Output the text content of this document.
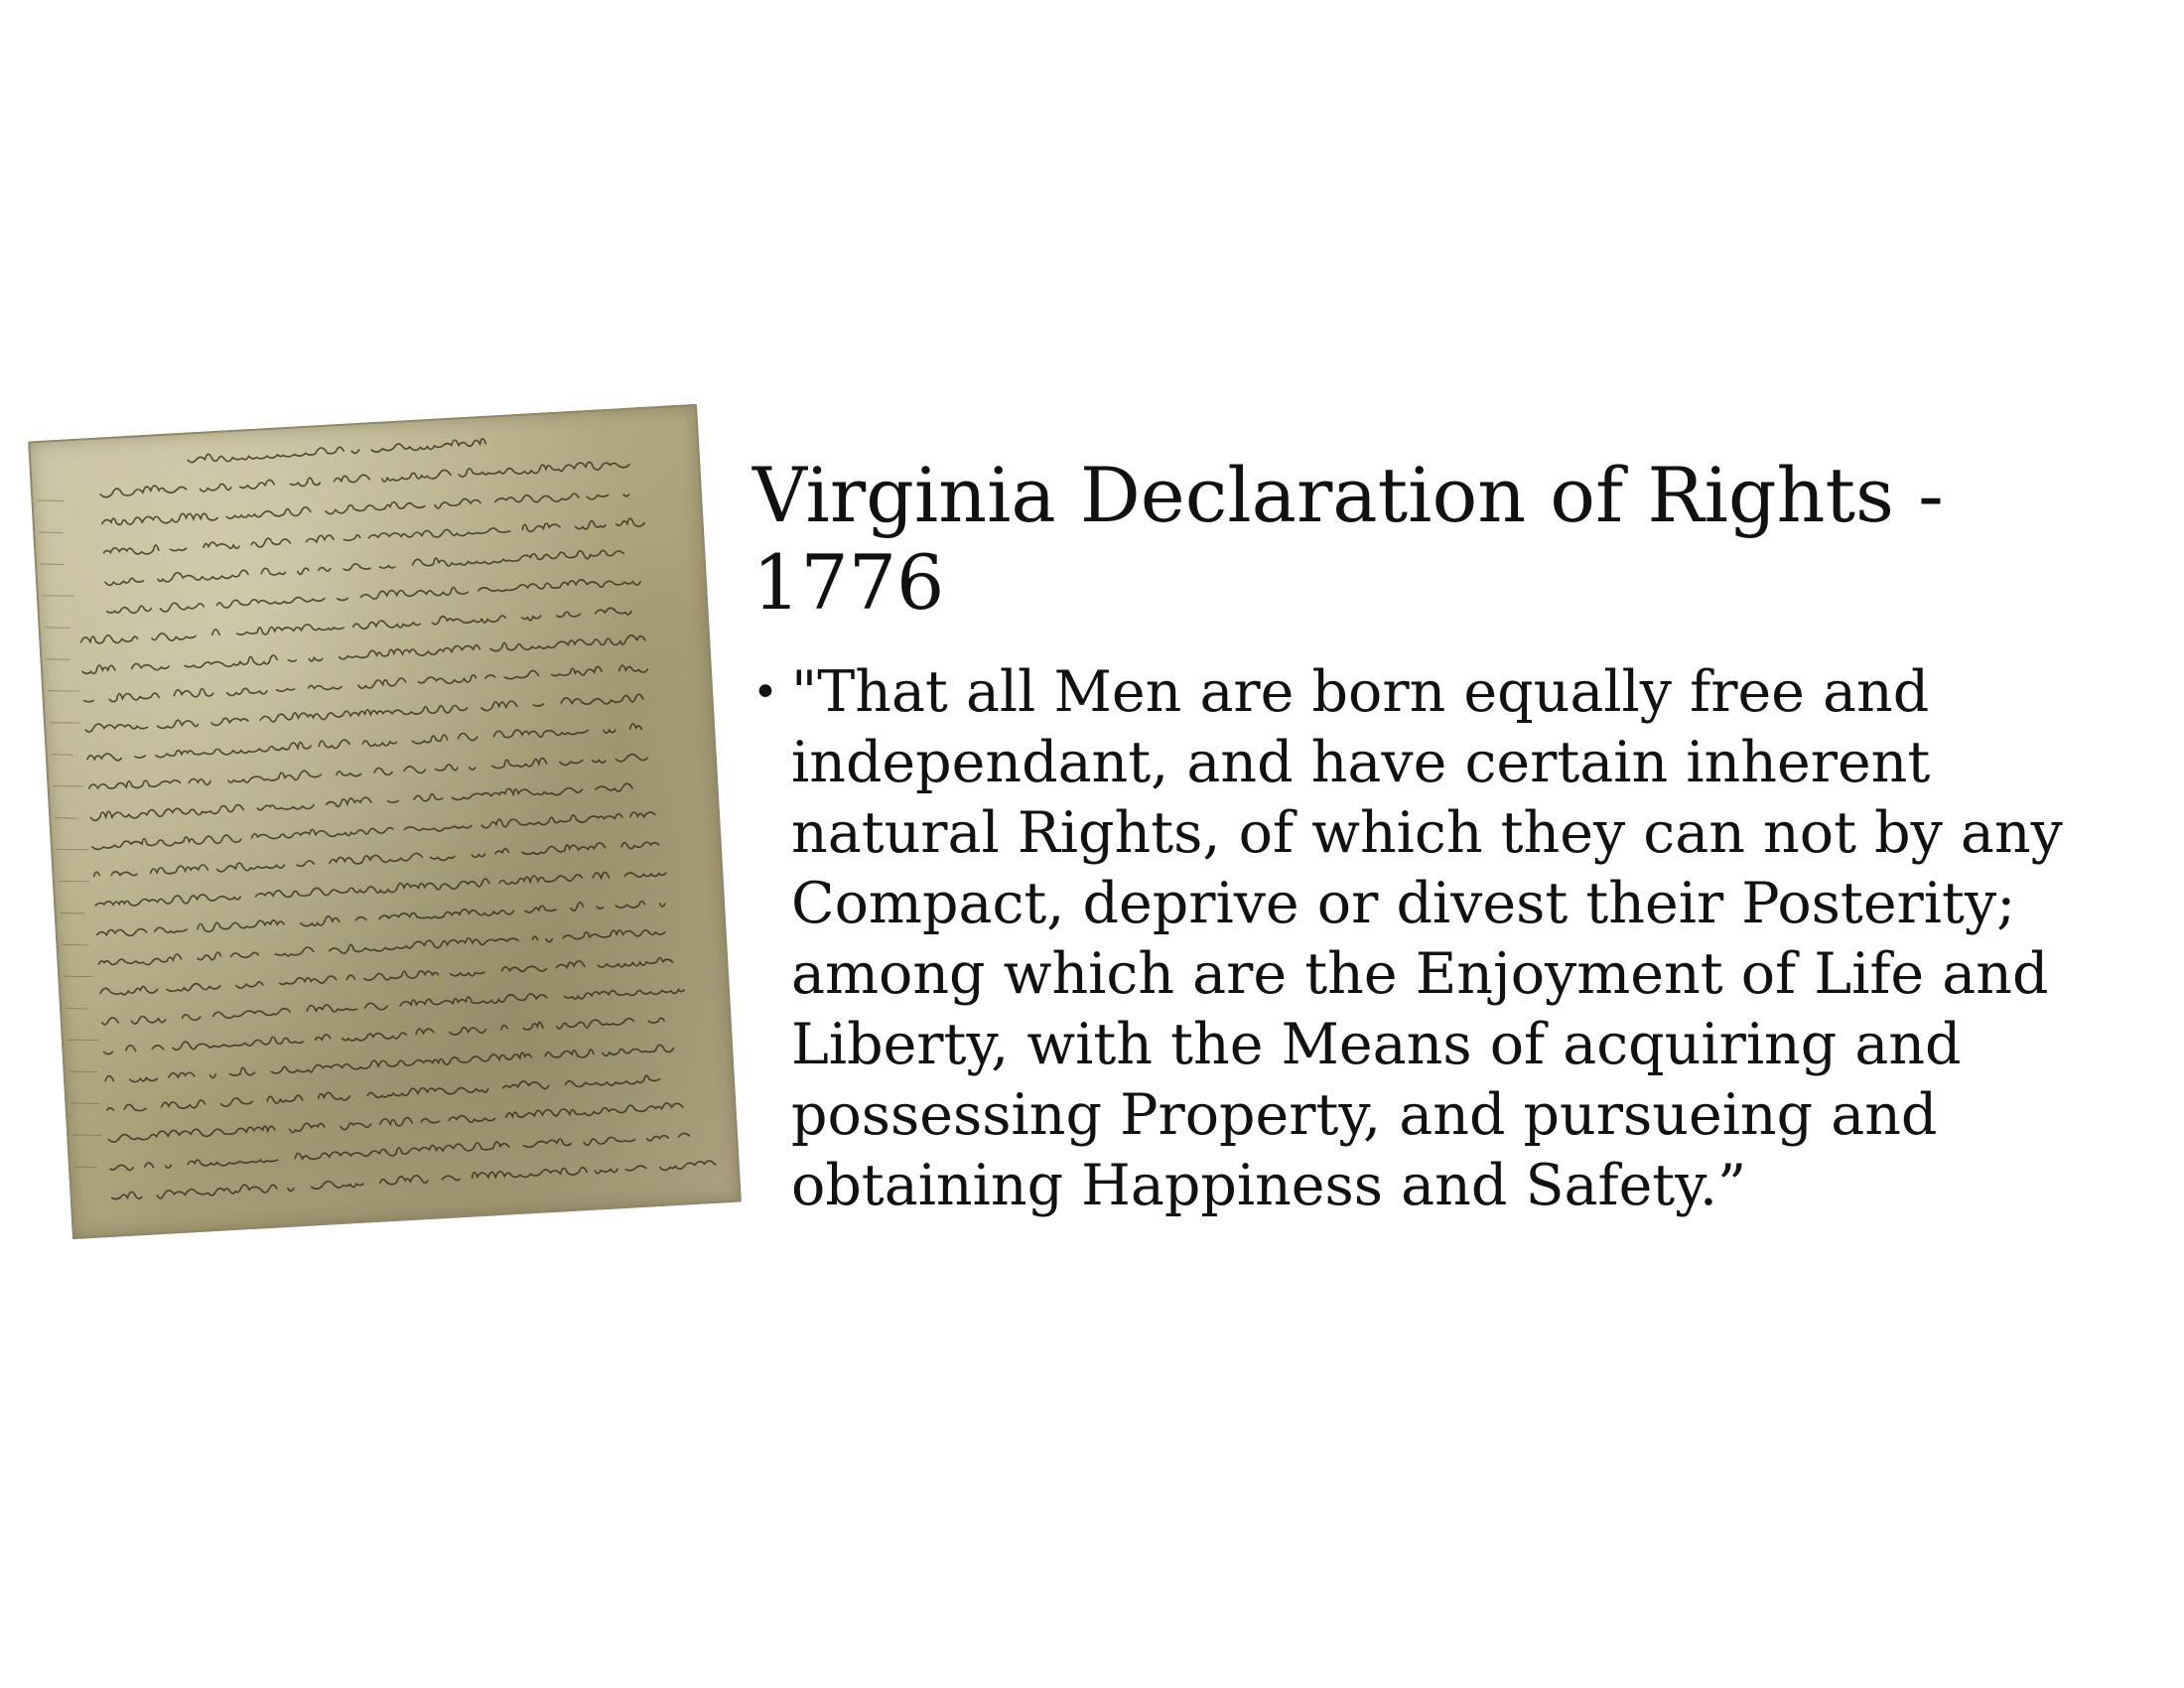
Virginia Declaration of Rights - 1776
• "That all Men are born equally free and independant, and have certain inherent natural Rights, of which they can not by any Compact, deprive or divest their Posterity; among which are the Enjoyment of Life and Liberty, with the Means of acquiring and possessing Property, and pursueing and obtaining Happiness and Safety.”
